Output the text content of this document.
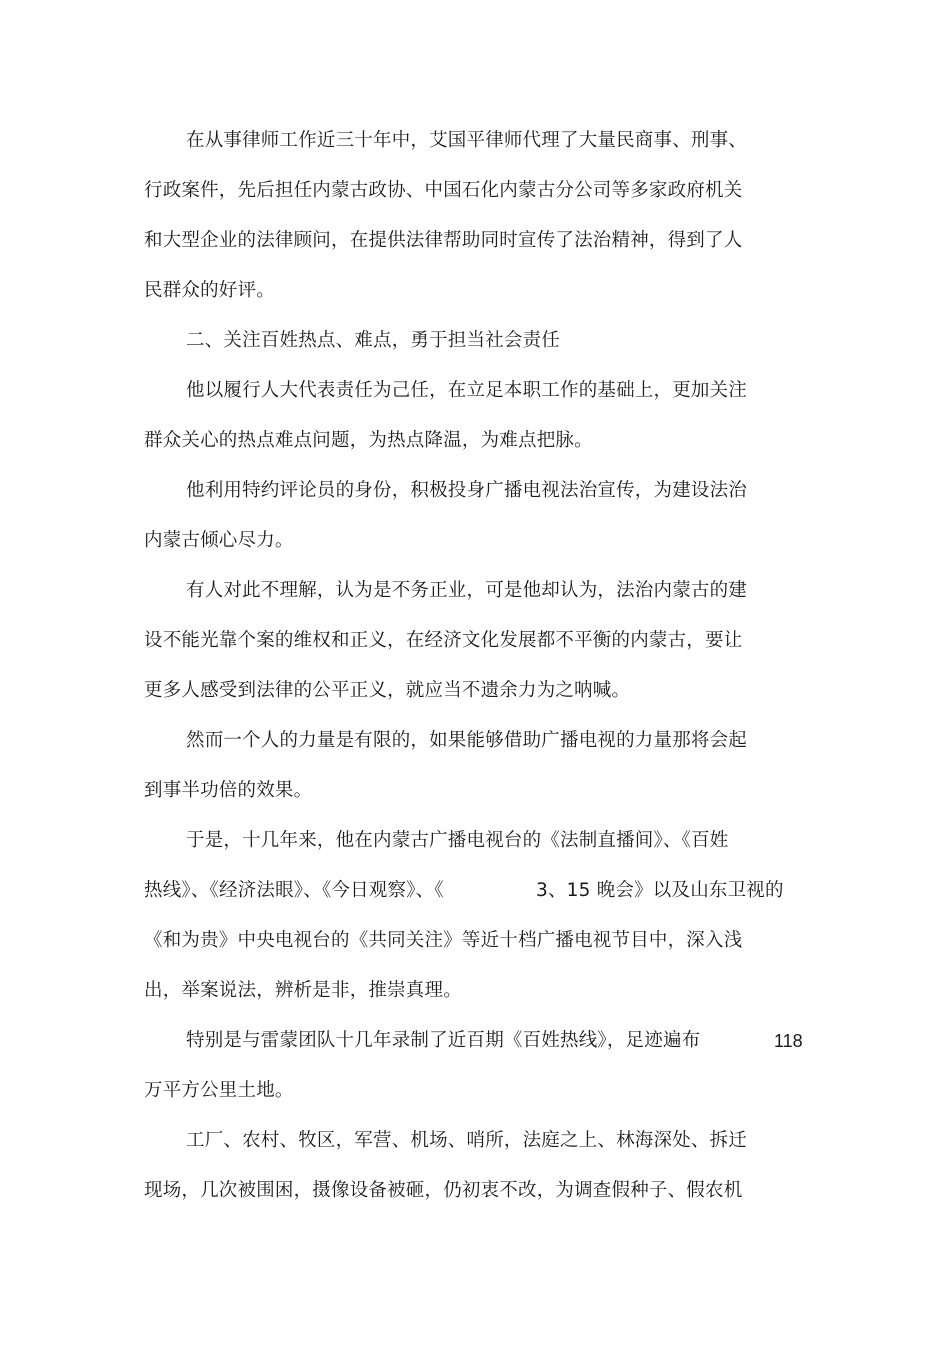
在从事律师工作近三十年中，艾国平律师代理了大量民商事、刑事、
行政案件，先后担任内蒙古政协、中国石化内蒙古分公司等多家政府机关
和大型企业的法律顾问，在提供法律帮助同时宣传了法治精神，得到了人
民群众的好评。
二、关注百姓热点、难点，勇于担当社会责任
他以履行人大代表责任为己任，在立足本职工作的基础上，更加关注
群众关心的热点难点问题，为热点降温，为难点把脉。
他利用特约评论员的身份，积极投身广播电视法治宣传，为建设法治
内蒙古倾心尽力。
有人对此不理解，认为是不务正业，可是他却认为，法治内蒙古的建
设不能光靠个案的维权和正义，在经济文化发展都不平衡的内蒙古，要让
更多人感受到法律的公平正义，就应当不遗余力为之呐喊。
然而一个人的力量是有限的，如果能够借助广播电视的力量那将会起
到事半功倍的效果。
于是，十几年来，他在内蒙古广播电视台的《法制直播间》、《百姓
热线》、《经济法眼》、《今日观察》、《	3、15 晚会》以及山东卫视的
《和为贵》中央电视台的《共同关注》等近十档广播电视节目中，深入浅
出，举案说法，辨析是非，推崇真理。
特别是与雷蒙团队十几年录制了近百期《百姓热线》，足迹遍布	118
万平方公里土地。
工厂、农村、牧区，军营、机场、哨所，法庭之上、林海深处、拆迁
现场，几次被围困，摄像设备被砸，仍初衷不改，为调查假种子、假农机
